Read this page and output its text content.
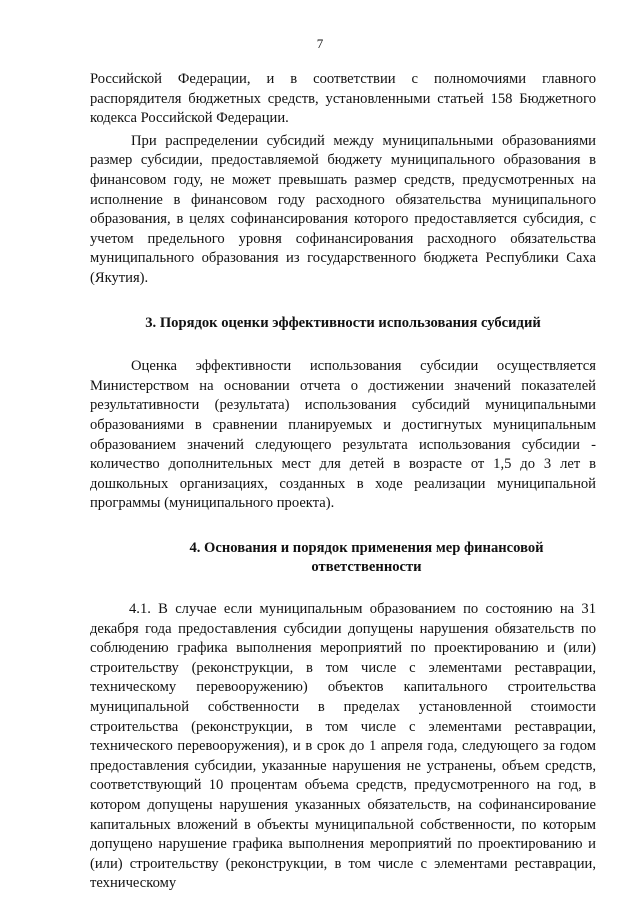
7

Российской Федерации, и в соответствии с полномочиями главного распорядителя бюджетных средств, установленными статьей 158 Бюджетного кодекса Российской Федерации.

При распределении субсидий между муниципальными образованиями размер субсидии, предоставляемой бюджету муниципального образования в финансовом году, не может превышать размер средств, предусмотренных на исполнение в финансовом году расходного обязательства муниципального образования, в целях софинансирования которого предоставляется субсидия, с учетом предельного уровня софинансирования расходного обязательства муниципального образования из государственного бюджета Республики Саха (Якутия).

3. Порядок оценки эффективности использования субсидий

Оценка эффективности использования субсидии осуществляется Министерством на основании отчета о достижении значений показателей результативности (результата) использования субсидий муниципальными образованиями в сравнении планируемых и достигнутых муниципальным образованием значений следующего результата использования субсидии - количество дополнительных мест для детей в возрасте от 1,5 до 3 лет в дошкольных организациях, созданных в ходе реализации муниципальной программы (муниципального проекта).

4. Основания и порядок применения мер финансовой ответственности

4.1. В случае если муниципальным образованием по состоянию на 31 декабря года предоставления субсидии допущены нарушения обязательств по соблюдению графика выполнения мероприятий по проектированию и (или) строительству (реконструкции, в том числе с элементами реставрации, техническому перевооружению) объектов капитального строительства муниципальной собственности в пределах установленной стоимости строительства (реконструкции, в том числе с элементами реставрации, технического перевооружения), и в срок до 1 апреля года, следующего за годом предоставления субсидии, указанные нарушения не устранены, объем средств, соответствующий 10 процентам объема средств, предусмотренного на год, в котором допущены нарушения указанных обязательств, на софинансирование капитальных вложений в объекты муниципальной собственности, по которым допущено нарушение графика выполнения мероприятий по проектированию и (или) строительству (реконструкции, в том числе с элементами реставрации, техническому
